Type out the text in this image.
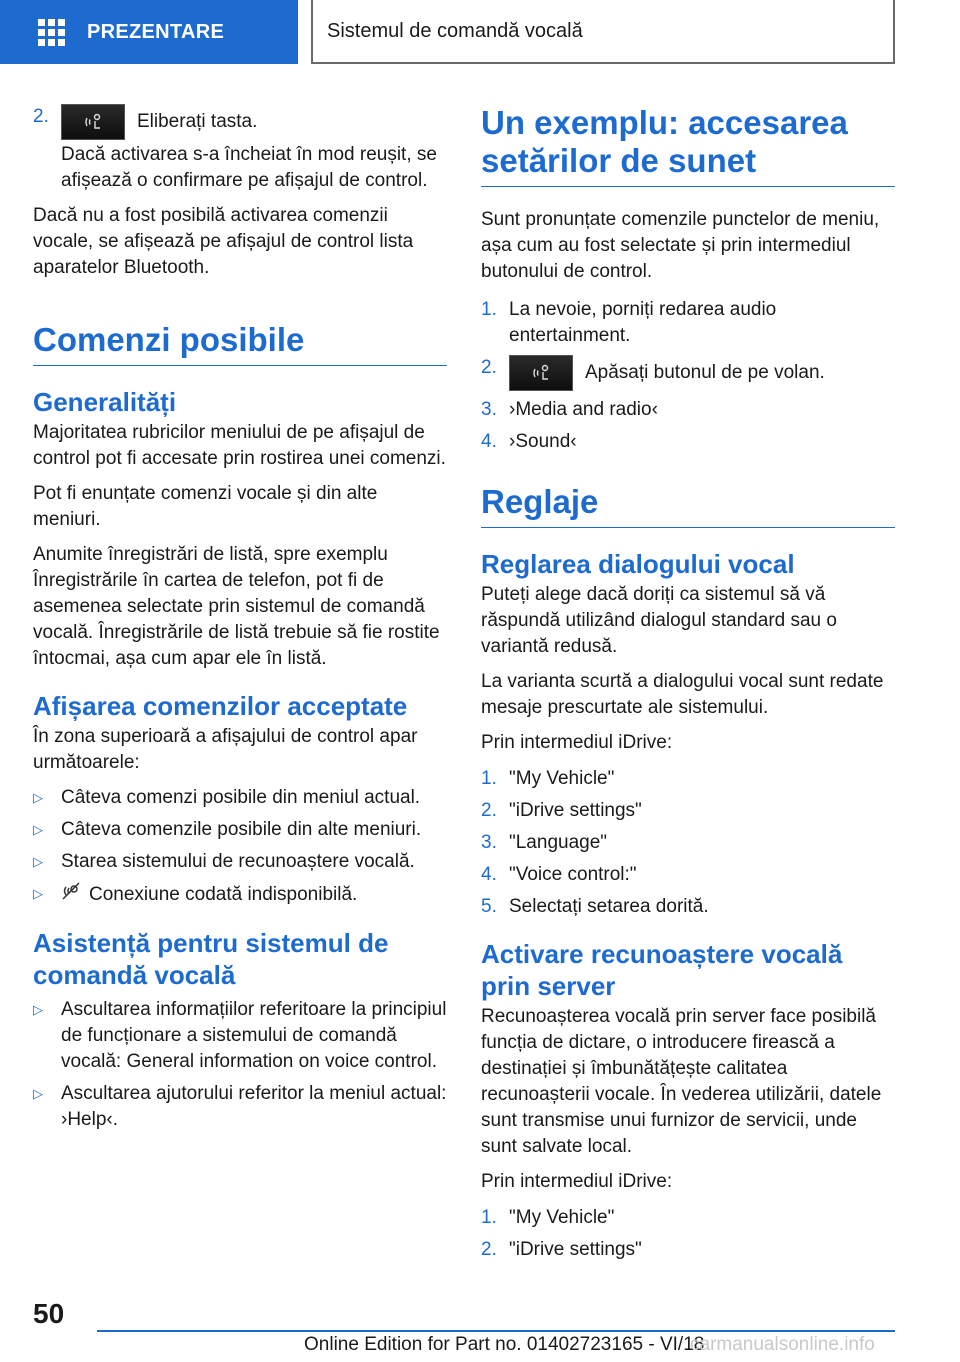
PREZENTARE	Sistemul de comandă vocală
2.	Eliberați tasta.

Dacă activarea s-a încheiat în mod reușit, se afișează o confirmare pe afișajul de control.

Dacă nu a fost posibilă activarea comenzii vocale, se afișează pe afișajul de control lista aparatelor Bluetooth.

Comenzi posibile
Generalități

Majoritatea rubricilor meniului de pe afișajul de control pot fi accesate prin rostirea unei comenzi.

Pot fi enunțate comenzi vocale și din alte meniuri.

Anumite înregistrări de listă, spre exemplu Înregistrările în cartea de telefon, pot fi de asemenea selectate prin sistemul de comandă vocală. Înregistrările de listă trebuie să fie rostite întocmai, așa cum apar ele în listă.

Afișarea comenzilor acceptate

În zona superioară a afișajului de control apar următoarele:

▷ Câteva comenzi posibile din meniul actual.
▷ Câteva comenzile posibile din alte meniuri.
▷ Starea sistemului de recunoaștere vocală.
▷	Conexiune codată indisponibilă.
Asistență pentru sistemul de comandă vocală
▷ Ascultarea informațiilor referitoare la principiul de funcționare a sistemului de comandă vocală: General information on voice control.
▷ Ascultarea ajutorului referitor la meniul actual: ›Help‹.
Un exemplu: accesarea setărilor de sunet

Sunt pronunțate comenzile punctelor de meniu, așa cum au fost selectate și prin intermediul butonului de control.

1. La nevoie, porniți redarea audio entertainment.
2.	Apăsați butonul de pe volan.
3. ›Media and radio‹
4. ›Sound‹
Reglaje
Reglarea dialogului vocal

Puteți alege dacă doriți ca sistemul să vă răspundă utilizând dialogul standard sau o variantă redusă.

La varianta scurtă a dialogului vocal sunt redate mesaje prescurtate ale sistemului.

Prin intermediul iDrive:

1. "My Vehicle"
2. "iDrive settings"
3. "Language"
4. "Voice control:"
5. Selectați setarea dorită.
Activare recunoaștere vocală prin server

Recunoașterea vocală prin server face posibilă funcția de dictare, o introducere firească a destinației și îmbunătățește calitatea recunoașterii vocale. În vederea utilizării, datele sunt transmise unui furnizor de servicii, unde sunt salvate local.

Prin intermediul iDrive:

1. "My Vehicle"
2. "iDrive settings"
50
Online Edition for Part no. 01402723165 - VI/18
carmanualsonline.info
